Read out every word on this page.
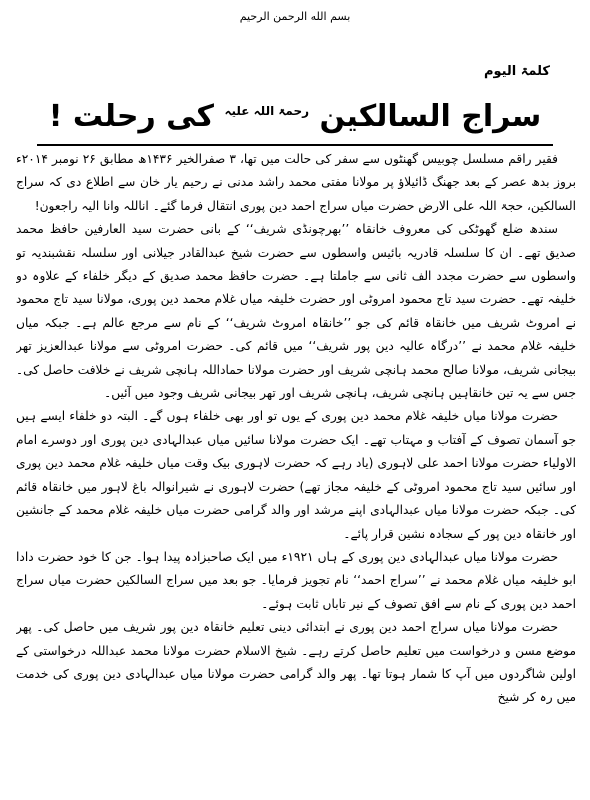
بسم الله الرحمن الرحيم
کلمۃ الیوم
سراج السالکین $^{رحمۃ اللہ علیہ}$ کی رحلت !

فقیر راقم مسلسل چوبیس گھنٹوں سے سفر کی حالت میں تھا، ۳ صفرالخیر ۱۴۳۶ھ مطابق ۲۶ نومبر ۲۰۱۴ء بروز بدھ عصر کے بعد جھنگ ڈائیلاؤ پر مولانا مفتی محمد راشد مدنی نے رحیم یار خان سے اطلاع دی کہ سراج السالکین، حجۃ اللہ علی الارض حضرت میاں سراج احمد دین پوری انتقال فرما گئے۔ اناللہ وانا الیہ راجعون!

سندھ ضلع گھوٹکی کی معروف خانقاہ ’’بھرچونڈی شریف‘‘ کے بانی حضرت سید العارفین حافظ محمد صدیق تھے۔ ان کا سلسلہ قادریہ بائیس واسطوں سے حضرت شیخ عبدالقادر جیلانی اور سلسلہ نقشبندیہ تو واسطوں سے حضرت مجدد الف ثانی سے جاملتا ہے۔ حضرت حافظ محمد صدیق کے دیگر خلفاء کے علاوہ دو خلیفہ تھے۔ حضرت سید تاج محمود امروٹی اور حضرت خلیفہ میاں غلام محمد دین پوری، مولانا سید تاج محمود نے امروٹ شریف میں خانقاہ قائم کی جو ’’خانقاہ امروٹ شریف‘‘ کے نام سے مرجع عالم ہے۔ جبکہ میاں خلیفہ غلام محمد نے ’’درگاہ عالیہ دین پور شریف‘‘ میں قائم کی۔ حضرت امروٹی سے مولانا عبدالعزیز تھر بیجانی شریف، مولانا صالح محمد ہانچی شریف اور حضرت مولانا حماداللہ ہانچی شریف نے خلافت حاصل کی۔ جس سے یہ تین خانقاہیں ہانچی شریف، ہانچی شریف اور تھر بیجانی شریف وجود میں آئیں۔

حضرت مولانا میاں خلیفہ غلام محمد دین پوری کے یوں تو اور بھی خلفاء ہوں گے۔ البتہ دو خلفاء ایسے ہیں جو آسمان تصوف کے آفتاب و مہتاب تھے۔ ایک حضرت مولانا سائیں میاں عبدالہادی دین پوری اور دوسرے امام الاولیاء حضرت مولانا احمد علی لاہوری (یاد رہے کہ حضرت لاہوری بیک وقت میاں خلیفہ غلام محمد دین پوری اور سائیں سید تاج محمود امروٹی کے خلیفہ مجاز تھے) حضرت لاہوری نے شیرانوالہ باغ لاہور میں خانقاہ قائم کی۔ جبکہ حضرت مولانا میاں عبدالہادی اپنے مرشد اور والد گرامی حضرت میاں خلیفہ غلام محمد کے جانشین اور خانقاہ دین پور کے سجادہ نشین قرار پائے۔

حضرت مولانا میاں عبدالہادی دین پوری کے ہاں ۱۹۲۱ء میں ایک صاحبزادہ پیدا ہوا۔ جن کا خود حضرت دادا ابو خلیفہ میاں غلام محمد نے ’’سراج احمد‘‘ نام تجویز فرمایا۔ جو بعد میں سراج السالکین حضرت میاں سراج احمد دین پوری کے نام سے افق تصوف کے نیر تاباں ثابت ہوئے۔

حضرت مولانا میاں سراج احمد دین پوری نے ابتدائی دینی تعلیم خانقاہ دین پور شریف میں حاصل کی۔ پھر موضع مسن و درخواست میں تعلیم حاصل کرتے رہے۔ شیخ الاسلام حضرت مولانا محمد عبداللہ درخواستی کے اولین شاگردوں میں آپ کا شمار ہوتا تھا۔ پھر والد گرامی حضرت مولانا میاں عبدالہادی دین پوری کی خدمت میں رہ کر شیخ
